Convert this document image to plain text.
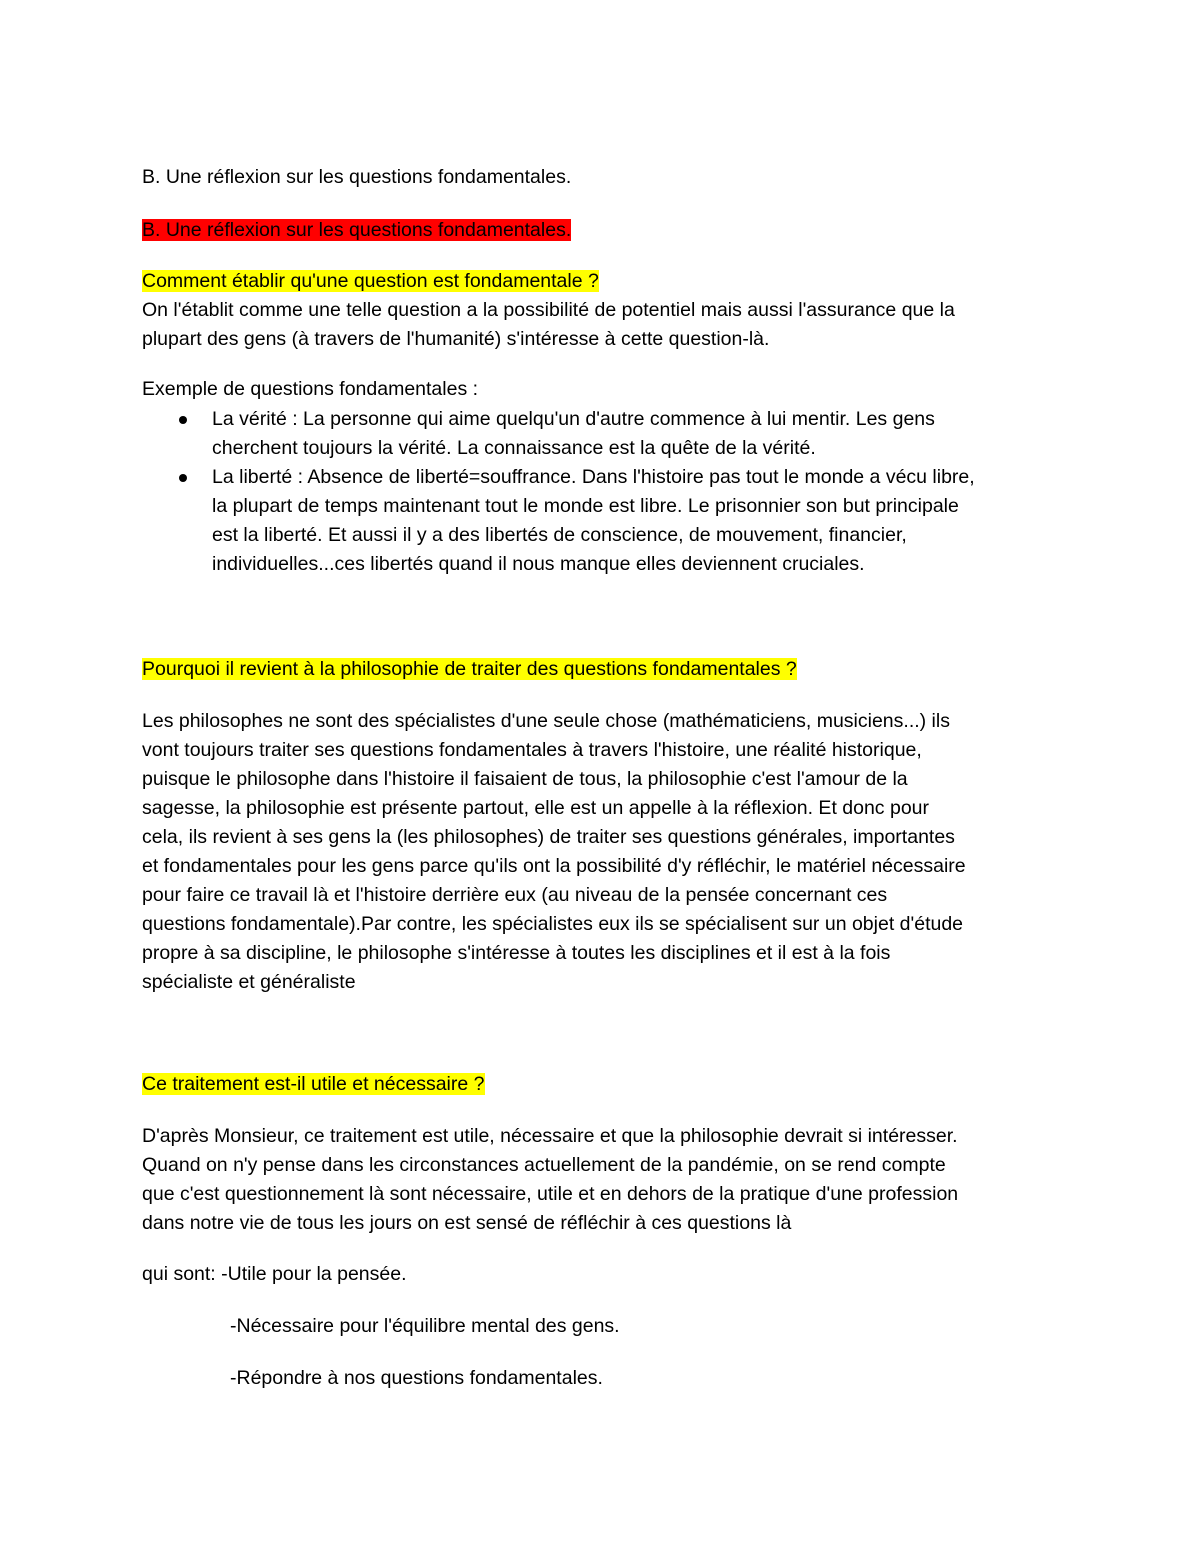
B. Une réflexion sur les questions fondamentales.
B. Une réflexion sur les questions fondamentales.
Comment établir qu'une question est fondamentale ?
On l'établit comme une telle question a la possibilité de potentiel mais aussi l'assurance que la
plupart des gens (à travers de l'humanité) s'intéresse à cette question-là.
Exemple de questions fondamentales :
La vérité : La personne qui aime quelqu'un d'autre commence à lui mentir. Les gens
cherchent toujours la vérité. La connaissance est la quête de la vérité.
La liberté : Absence de liberté=souffrance. Dans l'histoire pas tout le monde a vécu libre,
la plupart de temps maintenant tout le monde est libre. Le prisonnier son but principale
est la liberté. Et aussi il y a des libertés de conscience, de mouvement, financier,
individuelles...ces libertés quand il nous manque elles deviennent cruciales.
Pourquoi il revient à la philosophie de traiter des questions fondamentales ?
Les philosophes ne sont des spécialistes d'une seule chose (mathématiciens, musiciens...) ils
vont toujours traiter ses questions fondamentales à travers l'histoire, une réalité historique,
puisque le philosophe dans l'histoire il faisaient de tous, la philosophie c'est l'amour de la
sagesse, la philosophie est présente partout, elle est un appelle à la réflexion. Et donc pour
cela, ils revient à ses gens la (les philosophes) de traiter ses questions générales, importantes
et fondamentales pour les gens parce qu'ils ont la possibilité d'y réfléchir, le matériel nécessaire
pour faire ce travail là et l'histoire derrière eux (au niveau de la pensée concernant ces
questions fondamentale).Par contre, les spécialistes eux ils se spécialisent sur un objet d'étude
propre à sa discipline, le philosophe s'intéresse à toutes les disciplines et il est à la fois
spécialiste et généraliste
Ce traitement est-il utile et nécessaire ?
D'après Monsieur, ce traitement est utile, nécessaire et que la philosophie devrait si intéresser.
Quand on n'y pense dans les circonstances actuellement de la pandémie, on se rend compte
que c'est questionnement là sont nécessaire, utile et en dehors de la pratique d'une profession
dans notre vie de tous les jours on est sensé de réfléchir à ces questions là
qui sont: -Utile pour la pensée.
-Nécessaire pour l'équilibre mental des gens.
-Répondre à nos questions fondamentales.
